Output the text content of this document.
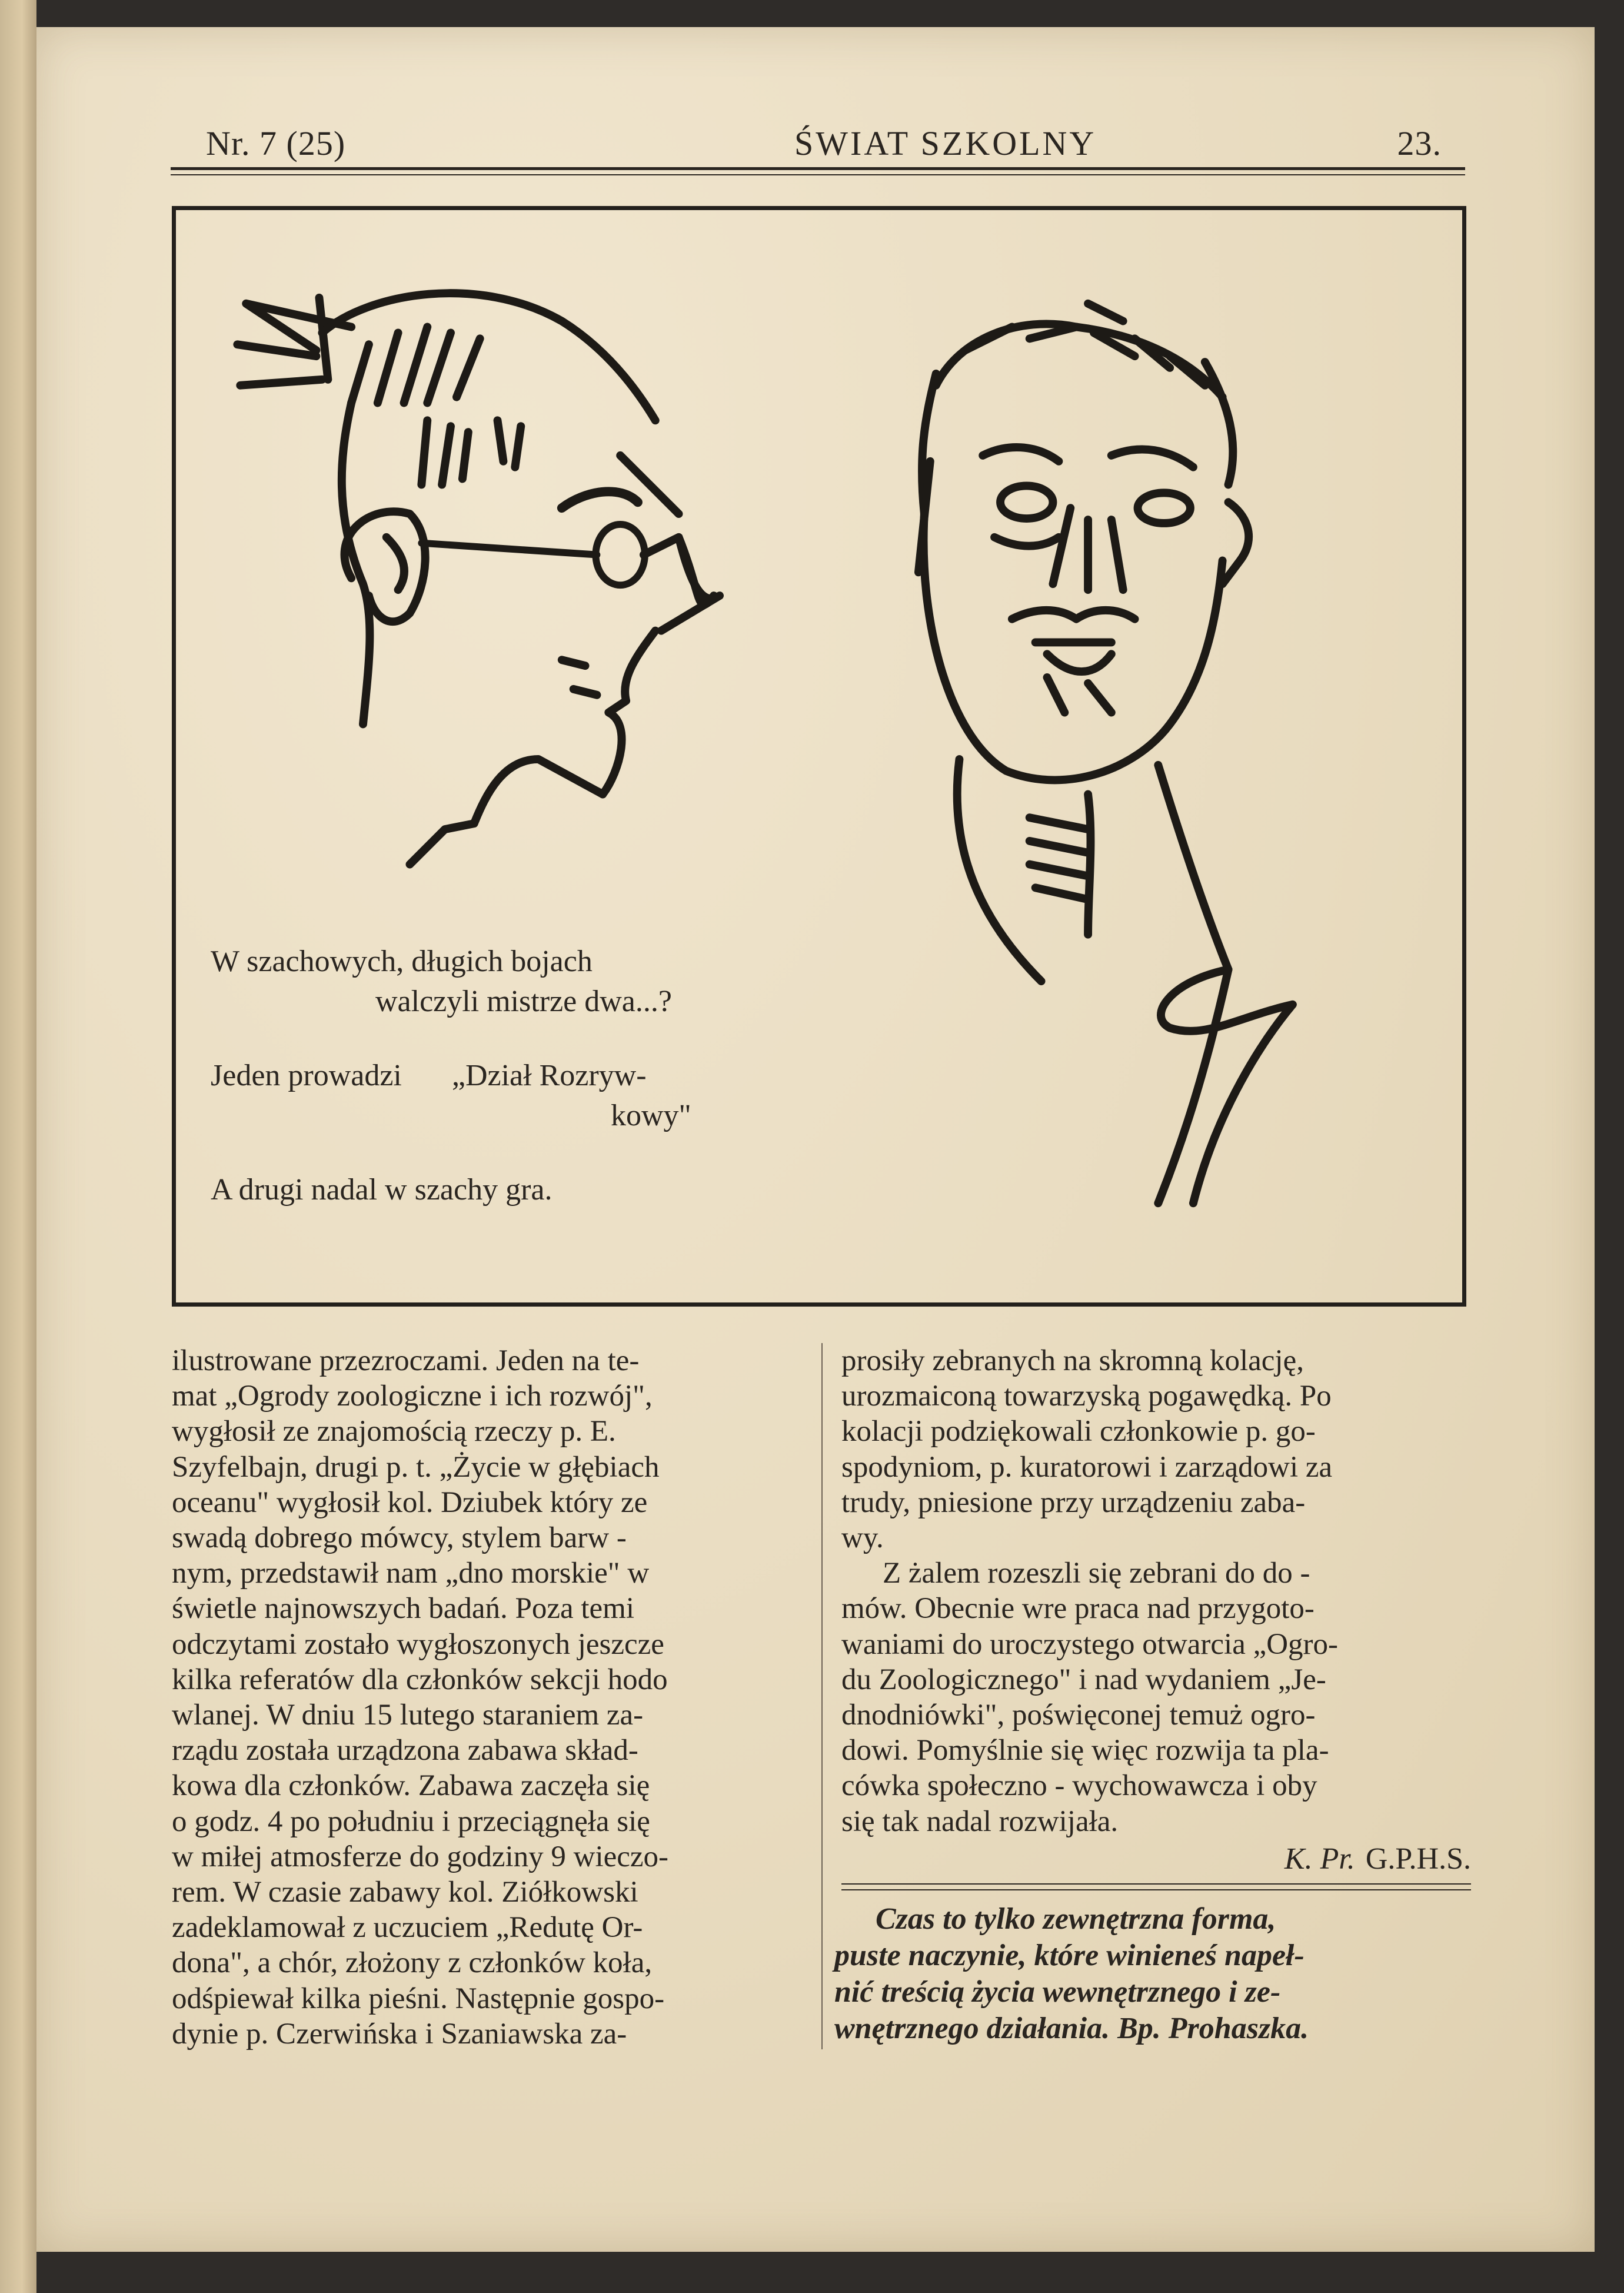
Nr. 7 (25)	ŚWIAT SZKOLNY	23.

W szachowych, długich bojach

walczyli mistrze dwa...?

Jeden prowadzi „Dział Rozryw-

kowy"

A drugi nadal w szachy gra.

ilustrowane przezroczami. Jeden na te-

mat „Ogrody zoologiczne i ich rozwój",

wygłosił ze znajomością rzeczy p. E.

Szyfelbajn, drugi p. t. „Życie w głębiach

oceanu" wygłosił kol. Dziubek który ze

swadą dobrego mówcy, stylem barw -

nym, przedstawił nam „dno morskie" w

świetle najnowszych badań. Poza temi

odczytami zostało wygłoszonych jeszcze

kilka referatów dla członków sekcji hodo

wlanej. W dniu 15 lutego staraniem za-

rządu została urządzona zabawa skład-

kowa dla członków. Zabawa zaczęła się

o godz. 4 po południu i przeciągnęła się

w miłej atmosferze do godziny 9 wieczo-

rem. W czasie zabawy kol. Ziółkowski

zadeklamował z uczuciem „Redutę Or-

dona", a chór, złożony z członków koła,

odśpiewał kilka pieśni. Następnie gospo-

dynie p. Czerwińska i Szaniawska za-

prosiły zebranych na skromną kolację,

urozmaiconą towarzyską pogawędką. Po

kolacji podziękowali członkowie p. go-

spodyniom, p. kuratorowi i zarządowi za

trudy, pniesione przy urządzeniu zaba-

wy.

Z żalem rozeszli się zebrani do do -

mów. Obecnie wre praca nad przygoto-

waniami do uroczystego otwarcia „Ogro-

du Zoologicznego" i nad wydaniem „Je-

dnodniówki", poświęconej temuż ogro-

dowi. Pomyślnie się więc rozwija ta pla-

cówka społeczno - wychowawcza i oby

się tak nadal rozwijała.

K. Pr. G.P.H.S.

Czas to tylko zewnętrzna forma,

puste naczynie, które winieneś napeł-

nić treścią życia wewnętrznego i ze-

wnętrznego działania. Bp. Prohaszka.
